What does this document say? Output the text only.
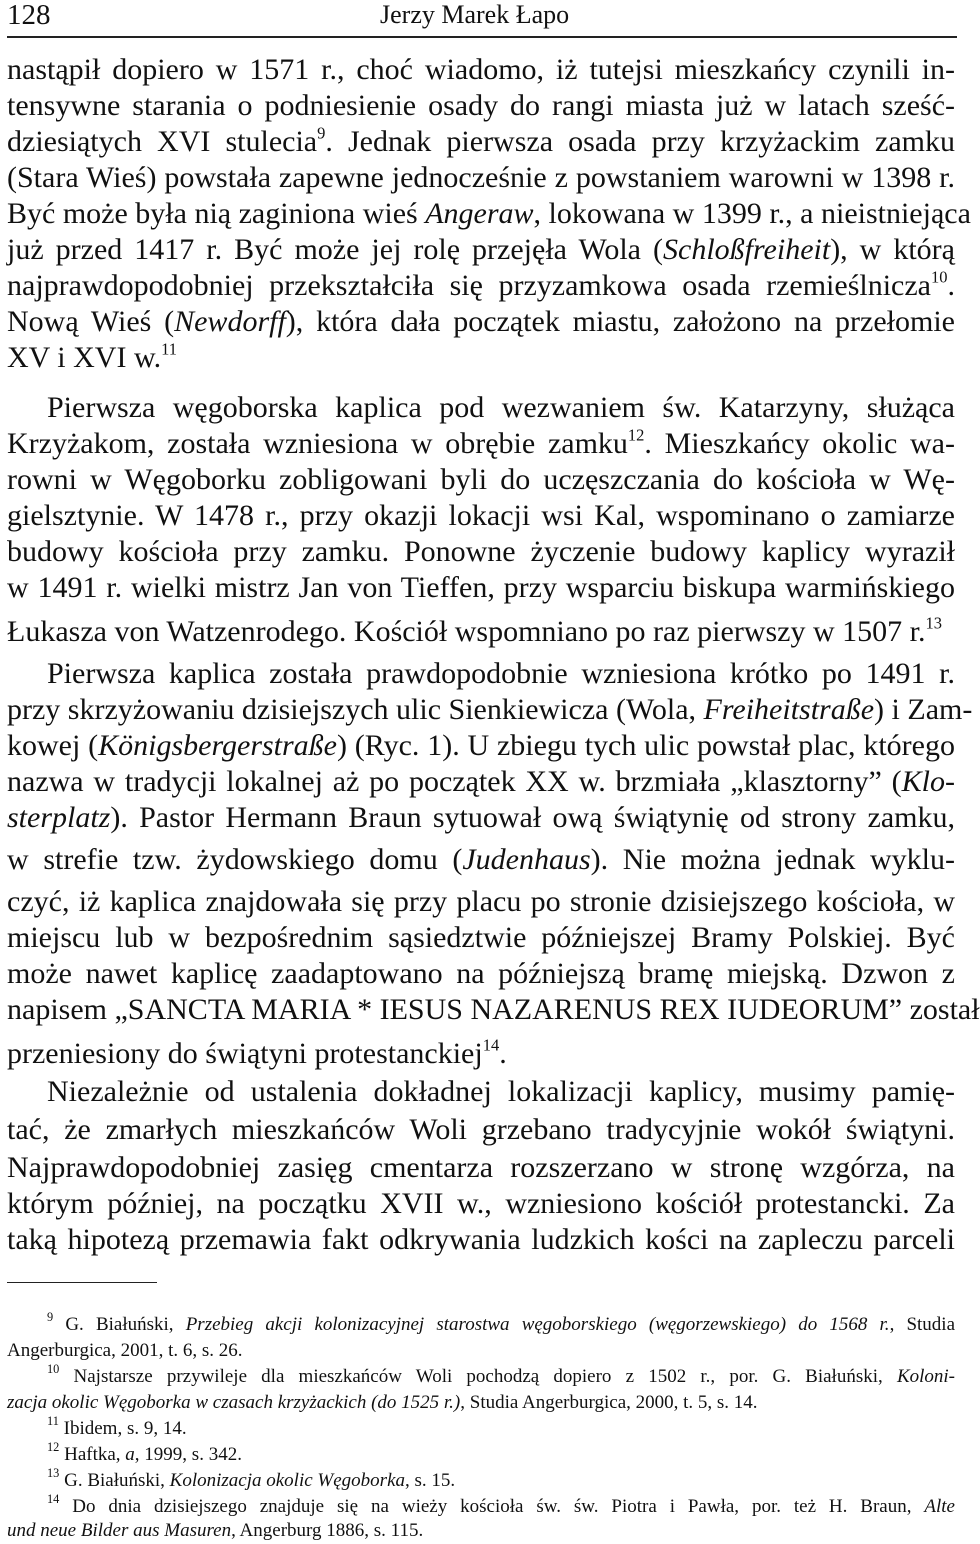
128	Jerzy Marek Łapo
nastąpił dopiero w 1571 r., choć wiadomo, iż tutejsi mieszkańcy czynili in-
tensywne starania o podniesienie osady do rangi miasta już w latach sześć-
dziesiątych XVI stulecia$^9$. Jednak pierwsza osada przy krzyżackim zamku
(Stara Wieś) powstała zapewne jednocześnie z powstaniem warowni w 1398 r.
Być może była nią zaginiona wieś Angeraw, lokowana w 1399 r., a nieistniejąca
już przed 1417 r. Być może jej rolę przejęła Wola (Schloßfreiheit), w którą
najprawdopodobniej przekształciła się przyzamkowa osada rzemieślnicza$^{10}$.
Nową Wieś (Newdorff), która dała początek miastu, założono na przełomie
XV i XVI w.$^{11}$
Pierwsza węgoborska kaplica pod wezwaniem św. Katarzyny, służąca
Krzyżakom, została wzniesiona w obrębie zamku$^{12}$. Mieszkańcy okolic wa-
rowni w Węgoborku zobligowani byli do uczęszczania do kościoła w Wę-
gielsztynie. W 1478 r., przy okazji lokacji wsi Kal, wspominano o zamiarze
budowy kościoła przy zamku. Ponowne życzenie budowy kaplicy wyraził
w 1491 r. wielki mistrz Jan von Tieffen, przy wsparciu biskupa warmińskiego
Łukasza von Watzenrodego. Kościół wspomniano po raz pierwszy w 1507 r.$^{13}$
Pierwsza kaplica została prawdopodobnie wzniesiona krótko po 1491 r.
przy skrzyżowaniu dzisiejszych ulic Sienkiewicza (Wola, Freiheitstraße) i Zam-
kowej (Königsbergerstraße) (Ryc. 1). U zbiegu tych ulic powstał plac, którego
nazwa w tradycji lokalnej aż po początek XX w. brzmiała „klasztorny” (Klo-
sterplatz). Pastor Hermann Braun sytuował ową świątynię od strony zamku,
w strefie tzw. żydowskiego domu (Judenhaus). Nie można jednak wyklu-
czyć, iż kaplica znajdowała się przy placu po stronie dzisiejszego kościoła, w
miejscu lub w bezpośrednim sąsiedztwie późniejszej Bramy Polskiej. Być
może nawet kaplicę zaadaptowano na późniejszą bramę miejską. Dzwon z
napisem „SANCTA MARIA * IESUS NAZARENUS REX IUDEORUM” został
przeniesiony do świątyni protestanckiej$^{14}$.
Niezależnie od ustalenia dokładnej lokalizacji kaplicy, musimy pamię-
tać, że zmarłych mieszkańców Woli grzebano tradycyjnie wokół świątyni.
Najprawdopodobniej zasięg cmentarza rozszerzano w stronę wzgórza, na
którym później, na początku XVII w., wzniesiono kościół protestancki. Za
taką hipotezą przemawia fakt odkrywania ludzkich kości na zapleczu parceli
$^9$ G. Białuński, Przebieg akcji kolonizacyjnej starostwa węgoborskiego (węgorzewskiego) do 1568 r., Studia
Angerburgica, 2001, t. 6, s. 26.
$^{10}$ Najstarsze przywileje dla mieszkańców Woli pochodzą dopiero z 1502 r., por. G. Białuński, Koloni-
zacja okolic Węgoborka w czasach krzyżackich (do 1525 r.), Studia Angerburgica, 2000, t. 5, s. 14.
$^{11}$ Ibidem, s. 9, 14.
$^{12}$ Haftka, a, 1999, s. 342.
$^{13}$ G. Białuński, Kolonizacja okolic Węgoborka, s. 15.
$^{14}$ Do dnia dzisiejszego znajduje się na wieży kościoła św. św. Piotra i Pawła, por. też H. Braun, Alte
und neue Bilder aus Masuren, Angerburg 1886, s. 115.
